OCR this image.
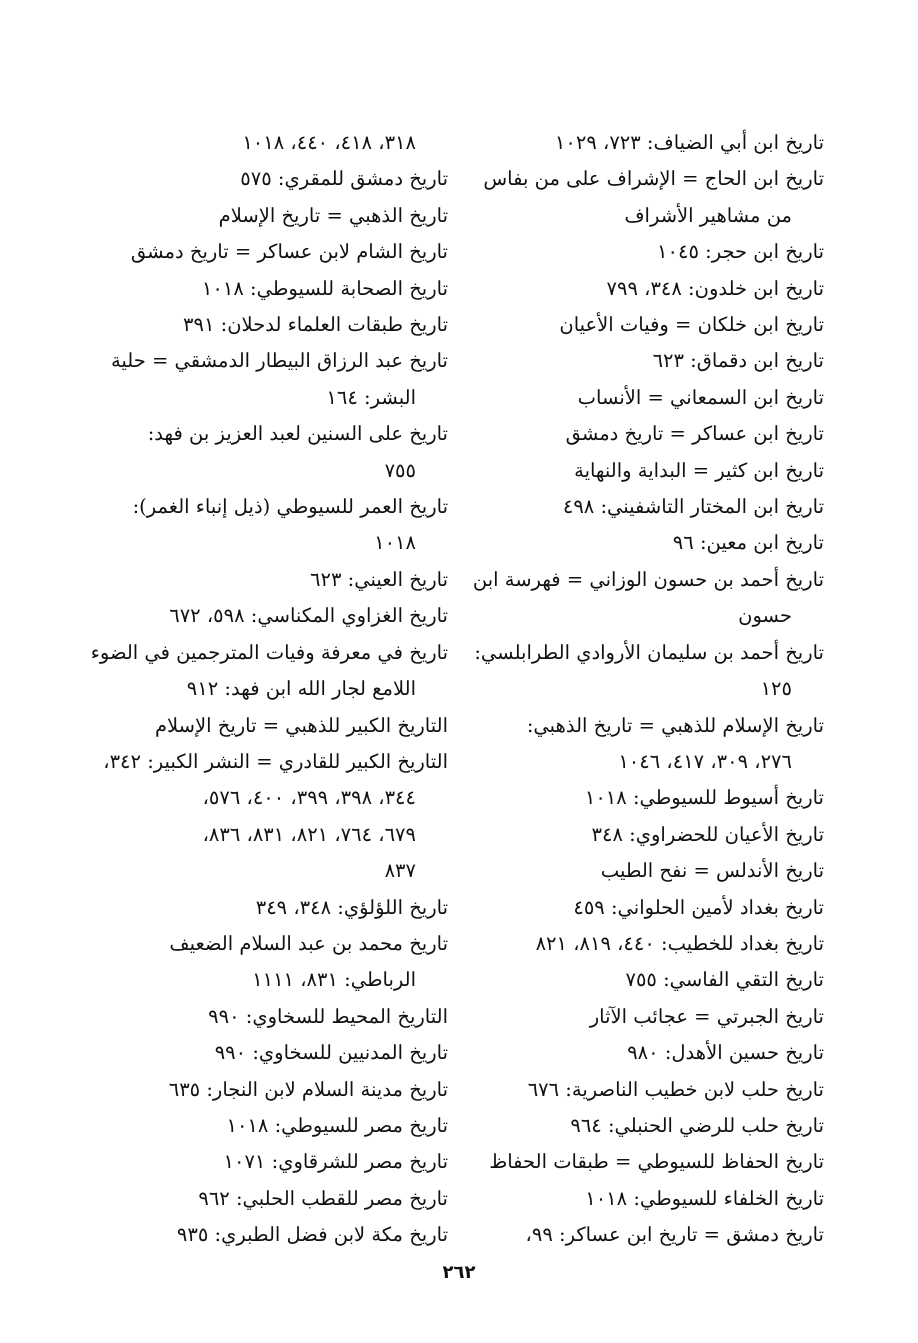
تاريخ ابن أبي الضياف: ٧٢٣، ١٠٢٩
تاريخ ابن الحاج = الإشراف على من بفاس
من مشاهير الأشراف
تاريخ ابن حجر: ١٠٤٥
تاريخ ابن خلدون: ٣٤٨، ٧٩٩
تاريخ ابن خلكان = وفيات الأعيان
تاريخ ابن دقماق: ٦٢٣
تاريخ ابن السمعاني = الأنساب
تاريخ ابن عساكر = تاريخ دمشق
تاريخ ابن كثير = البداية والنهاية
تاريخ ابن المختار التاشفيني: ٤٩٨
تاريخ ابن معين: ٩٦
تاريخ أحمد بن حسون الوزاني = فهرسة ابن
حسون
تاريخ أحمد بن سليمان الأروادي الطرابلسي:
١٢٥
تاريخ الإسلام للذهبي = تاريخ الذهبي:
٢٧٦، ٣٠٩، ٤١٧، ١٠٤٦
تاريخ أسيوط للسيوطي: ١٠١٨
تاريخ الأعيان للحضراوي: ٣٤٨
تاريخ الأندلس = نفح الطيب
تاريخ بغداد لأمين الحلواني: ٤٥٩
تاريخ بغداد للخطيب: ٤٤٠، ٨١٩، ٨٢١
تاريخ التقي الفاسي: ٧٥٥
تاريخ الجبرتي = عجائب الآثار
تاريخ حسين الأهدل: ٩٨٠
تاريخ حلب لابن خطيب الناصرية: ٦٧٦
تاريخ حلب للرضي الحنبلي: ٩٦٤
تاريخ الحفاظ للسيوطي = طبقات الحفاظ
تاريخ الخلفاء للسيوطي: ١٠١٨
تاريخ دمشق = تاريخ ابن عساكر: ٩٩،
٣١٨، ٤١٨، ٤٤٠، ١٠١٨
تاريخ دمشق للمقري: ٥٧٥
تاريخ الذهبي = تاريخ الإسلام
تاريخ الشام لابن عساكر = تاريخ دمشق
تاريخ الصحابة للسيوطي: ١٠١٨
تاريخ طبقات العلماء لدحلان: ٣٩١
تاريخ عبد الرزاق البيطار الدمشقي = حلية
البشر: ١٦٤
تاريخ على السنين لعبد العزيز بن فهد:
٧٥٥
تاريخ العمر للسيوطي (ذيل إنباء الغمر):
١٠١٨
تاريخ العيني: ٦٢٣
تاريخ الغزاوي المكناسي: ٥٩٨، ٦٧٢
تاريخ في معرفة وفيات المترجمين في الضوء
اللامع لجار الله ابن فهد: ٩١٢
التاريخ الكبير للذهبي = تاريخ الإسلام
التاريخ الكبير للقادري = النشر الكبير: ٣٤٢،
٣٤٤، ٣٩٨، ٣٩٩، ٤٠٠، ٥٧٦،
٦٧٩، ٧٦٤، ٨٢١، ٨٣١، ٨٣٦،
٨٣٧
تاريخ اللؤلؤي: ٣٤٨، ٣٤٩
تاريخ محمد بن عبد السلام الضعيف
الرباطي: ٨٣١، ١١١١
التاريخ المحيط للسخاوي: ٩٩٠
تاريخ المدنيين للسخاوي: ٩٩٠
تاريخ مدينة السلام لابن النجار: ٦٣٥
تاريخ مصر للسيوطي: ١٠١٨
تاريخ مصر للشرقاوي: ١٠٧١
تاريخ مصر للقطب الحلبي: ٩٦٢
تاريخ مكة لابن فضل الطبري: ٩٣٥
٢٦٢
